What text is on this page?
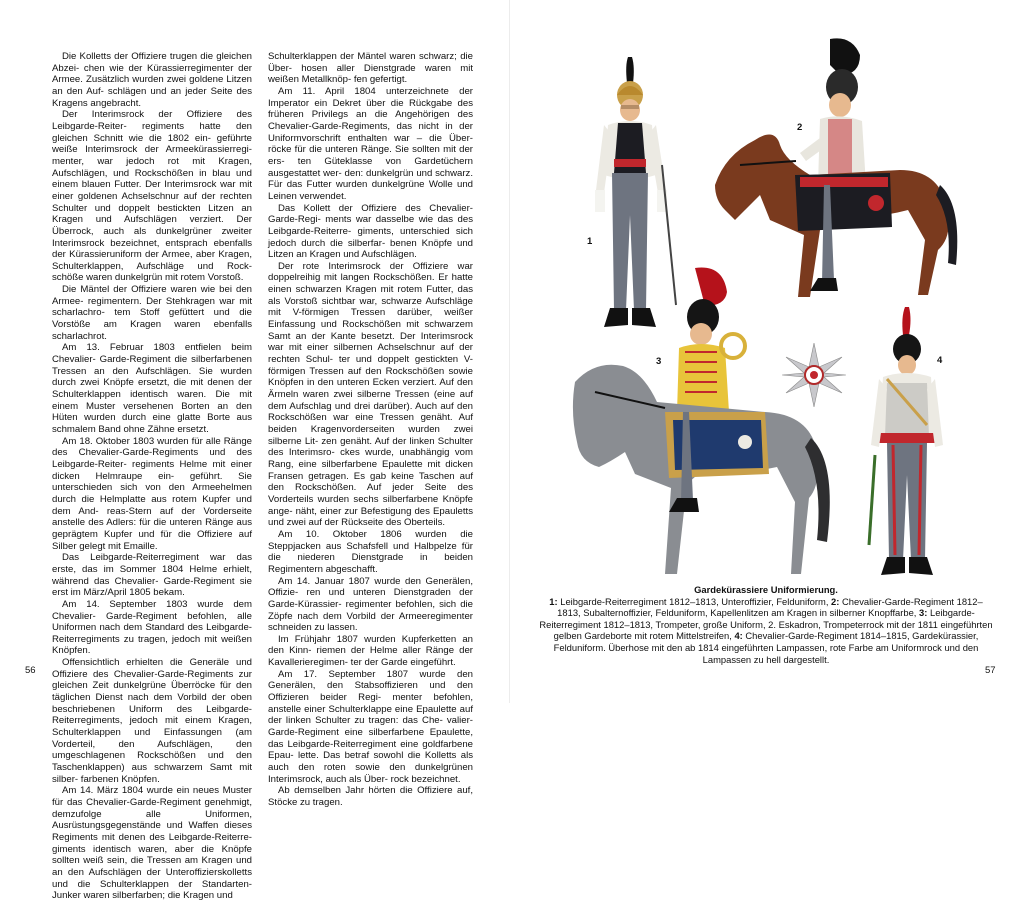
Die Kolletts der Offiziere trugen die gleichen Abzei- chen wie der Kürassierregimenter der Armee. Zusätzlich wurden zwei goldene Litzen an den Auf- schlägen und an jeder Seite des Kragens angebracht.

Der Interimsrock der Offiziere des Leibgarde-Reiter- regiments hatte den gleichen Schnitt wie die 1802 ein- geführte weiße Interimsrock der Armeekürassierregi- menter, war jedoch rot mit Kragen, Aufschlägen, und Rockschößen in blau und einem blauen Futter. Der Interimsrock war mit einer goldenen Achselschnur auf der rechten Schulter und doppelt bestickten Litzen an Kragen und Aufschlägen verziert. Der Überrock, auch als dunkelgrüner zweiter Interimsrock bezeichnet, entsprach ebenfalls der Kürassieruniform der Armee, aber Kragen, Schulterklappen, Aufschläge und Rock- schöße waren dunkelgrün mit rotem Vorstoß.

Die Mäntel der Offiziere waren wie bei den Armee- regimentern. Der Stehkragen war mit scharlachro- tem Stoff gefüttert und die Vorstöße am Kragen waren ebenfalls scharlachrot.

Am 13. Februar 1803 entfielen beim Chevalier- Garde-Regiment die silberfarbenen Tressen an den Aufschlägen. Sie wurden durch zwei Knöpfe ersetzt, die mit denen der Schulterklappen identisch waren. Die mit einem Muster versehenen Borten an den Hüten wurden durch eine glatte Borte aus schmalem Band ohne Zähne ersetzt.

Am 18. Oktober 1803 wurden für alle Ränge des Chevalier-Garde-Regiments und des Leibgarde-Reiter- regiments Helme mit einer dicken Helmraupe ein- geführt. Sie unterschieden sich von den Armeehelmen durch die Helmplatte aus rotem Kupfer und dem And- reas-Stern auf der Vorderseite anstelle des Adlers: für die unteren Ränge aus geprägtem Kupfer und für die Offiziere auf Silber gelegt mit Emaille.

Das Leibgarde-Reiterregiment war das erste, das im Sommer 1804 Helme erhielt, während das Chevalier- Garde-Regiment sie erst im März/April 1805 bekam.

Am 14. September 1803 wurde dem Chevalier- Garde-Regiment befohlen, alle Uniformen nach dem Standard des Leibgarde-Reiterregiments zu tragen, jedoch mit weißen Knöpfen.

Offensichtlich erhielten die Generäle und Offiziere des Chevalier-Garde-Regiments zur gleichen Zeit dunkelgrüne Überröcke für den täglichen Dienst nach dem Vorbild der oben beschriebenen Uniform des Leibgarde-Reiterregiments, jedoch mit einem Kragen, Schulterklappen und Einfassungen (am Vorderteil, den Aufschlägen, den umgeschlagenen Rockschößen und den Taschenklappen) aus schwarzem Samt mit silber- farbenen Knöpfen.

Am 14. März 1804 wurde ein neues Muster für das Chevalier-Garde-Regiment genehmigt, demzufolge alle Uniformen, Ausrüstungsgegenstände und Waffen dieses Regiments mit denen des Leibgarde-Reiterre- giments identisch waren, aber die Knöpfe sollten weiß sein, die Tressen am Kragen und an den Aufschlägen der Unteroffizierskolletts und die Schulterklappen der Standarten-Junker waren silberfarben; die Kragen und

Schulterklappen der Mäntel waren schwarz; die Über- hosen aller Dienstgrade waren mit weißen Metallknöp- fen gefertigt.

Am 11. April 1804 unterzeichnete der Imperator ein Dekret über die Rückgabe des früheren Privilegs an die Angehörigen des Chevalier-Garde-Regiments, das nicht in der Uniformvorschrift enthalten war – die Über- röcke für die unteren Ränge. Sie sollten mit der ers- ten Güteklasse von Gardetüchern ausgestattet wer- den: dunkelgrün und schwarz. Für das Futter wurden dunkelgrüne Wolle und Leinen verwendet.

Das Kollett der Offiziere des Chevalier-Garde-Regi- ments war dasselbe wie das des Leibgarde-Reiterre- giments, unterschied sich jedoch durch die silberfar- benen Knöpfe und Litzen an Kragen und Aufschlägen.

Der rote Interimsrock der Offiziere war doppelreihig mit langen Rockschößen. Er hatte einen schwarzen Kragen mit rotem Futter, das als Vorstoß sichtbar war, schwarze Aufschläge mit V-förmigen Tressen darüber, weißer Einfassung und Rockschößen mit schwarzem Samt an der Kante besetzt. Der Interimsrock war mit einer silbernen Achselschnur auf der rechten Schul- ter und doppelt gestickten V-förmigen Tressen auf den Rockschößen sowie Knöpfen in den unteren Ecken verziert. Auf den Ärmeln waren zwei silberne Tressen (eine auf dem Aufschlag und drei darüber). Auch auf den Rockschößen war eine Tressen genäht. Auf beiden Kragenvorderseiten wurden zwei silberne Lit- zen genäht. Auf der linken Schulter des Interimsro- ckes wurde, unabhängig vom Rang, eine silberfarbene Epaulette mit dicken Fransen getragen. Es gab keine Taschen auf den Rockschößen. Auf jeder Seite des Vorderteils wurden sechs silberfarbene Knöpfe ange- näht, einer zur Befestigung des Epauletts und zwei auf der Rückseite des Oberteils.

Am 10. Oktober 1806 wurden die Steppjacken aus Schafsfell und Halbpelze für die niederen Dienstgrade in beiden Regimentern abgeschafft.

Am 14. Januar 1807 wurde den Generälen, Offizie- ren und unteren Dienstgraden der Garde-Kürassier- regimenter befohlen, sich die Zöpfe nach dem Vorbild der Armeeregimenter schneiden zu lassen.

Im Frühjahr 1807 wurden Kupferketten an den Kinn- riemen der Helme aller Ränge der Kavallerieregimen- ter der Garde eingeführt.

Am 17. September 1807 wurde den Generälen, den Stabsoffizieren und den Offizieren beider Regi- menter befohlen, anstelle einer Schulterklappe eine Epaulette auf der linken Schulter zu tragen: das Che- valier-Garde-Regiment eine silberfarbene Epaulette, das Leibgarde-Reiterregiment eine goldfarbene Epau- lette. Das betraf sowohl die Kolletts als auch den roten sowie den dunkelgrünen Interimsrock, auch als Über- rock bezeichnet.

Ab demselben Jahr hörten die Offiziere auf, Stöcke zu tragen.

1
2
3	4
Gardekürassiere Uniformierung.
1: Leibgarde-Reiterregiment 1812–1813, Unteroffizier, Felduniform, 2: Chevalier-Garde-Regiment 1812–1813, Subalternoffizier, Felduniform, Kapellenlitzen am Kragen in silberner Knopffarbe, 3: Leibgarde-Reiterregiment 1812–1813, Trompeter, große Uniform, 2. Eskadron, Trompeterrock mit der 1811 eingeführten gelben Gardeborte mit rotem Mittelstreifen, 4: Chevalier-Garde-Regiment 1814–1815, Gardekürassier, Felduniform. Überhose mit den ab 1814 eingeführten Lampassen, rote Farbe am Uniformrock und den Lampassen zu hell dargestellt.
56	57
